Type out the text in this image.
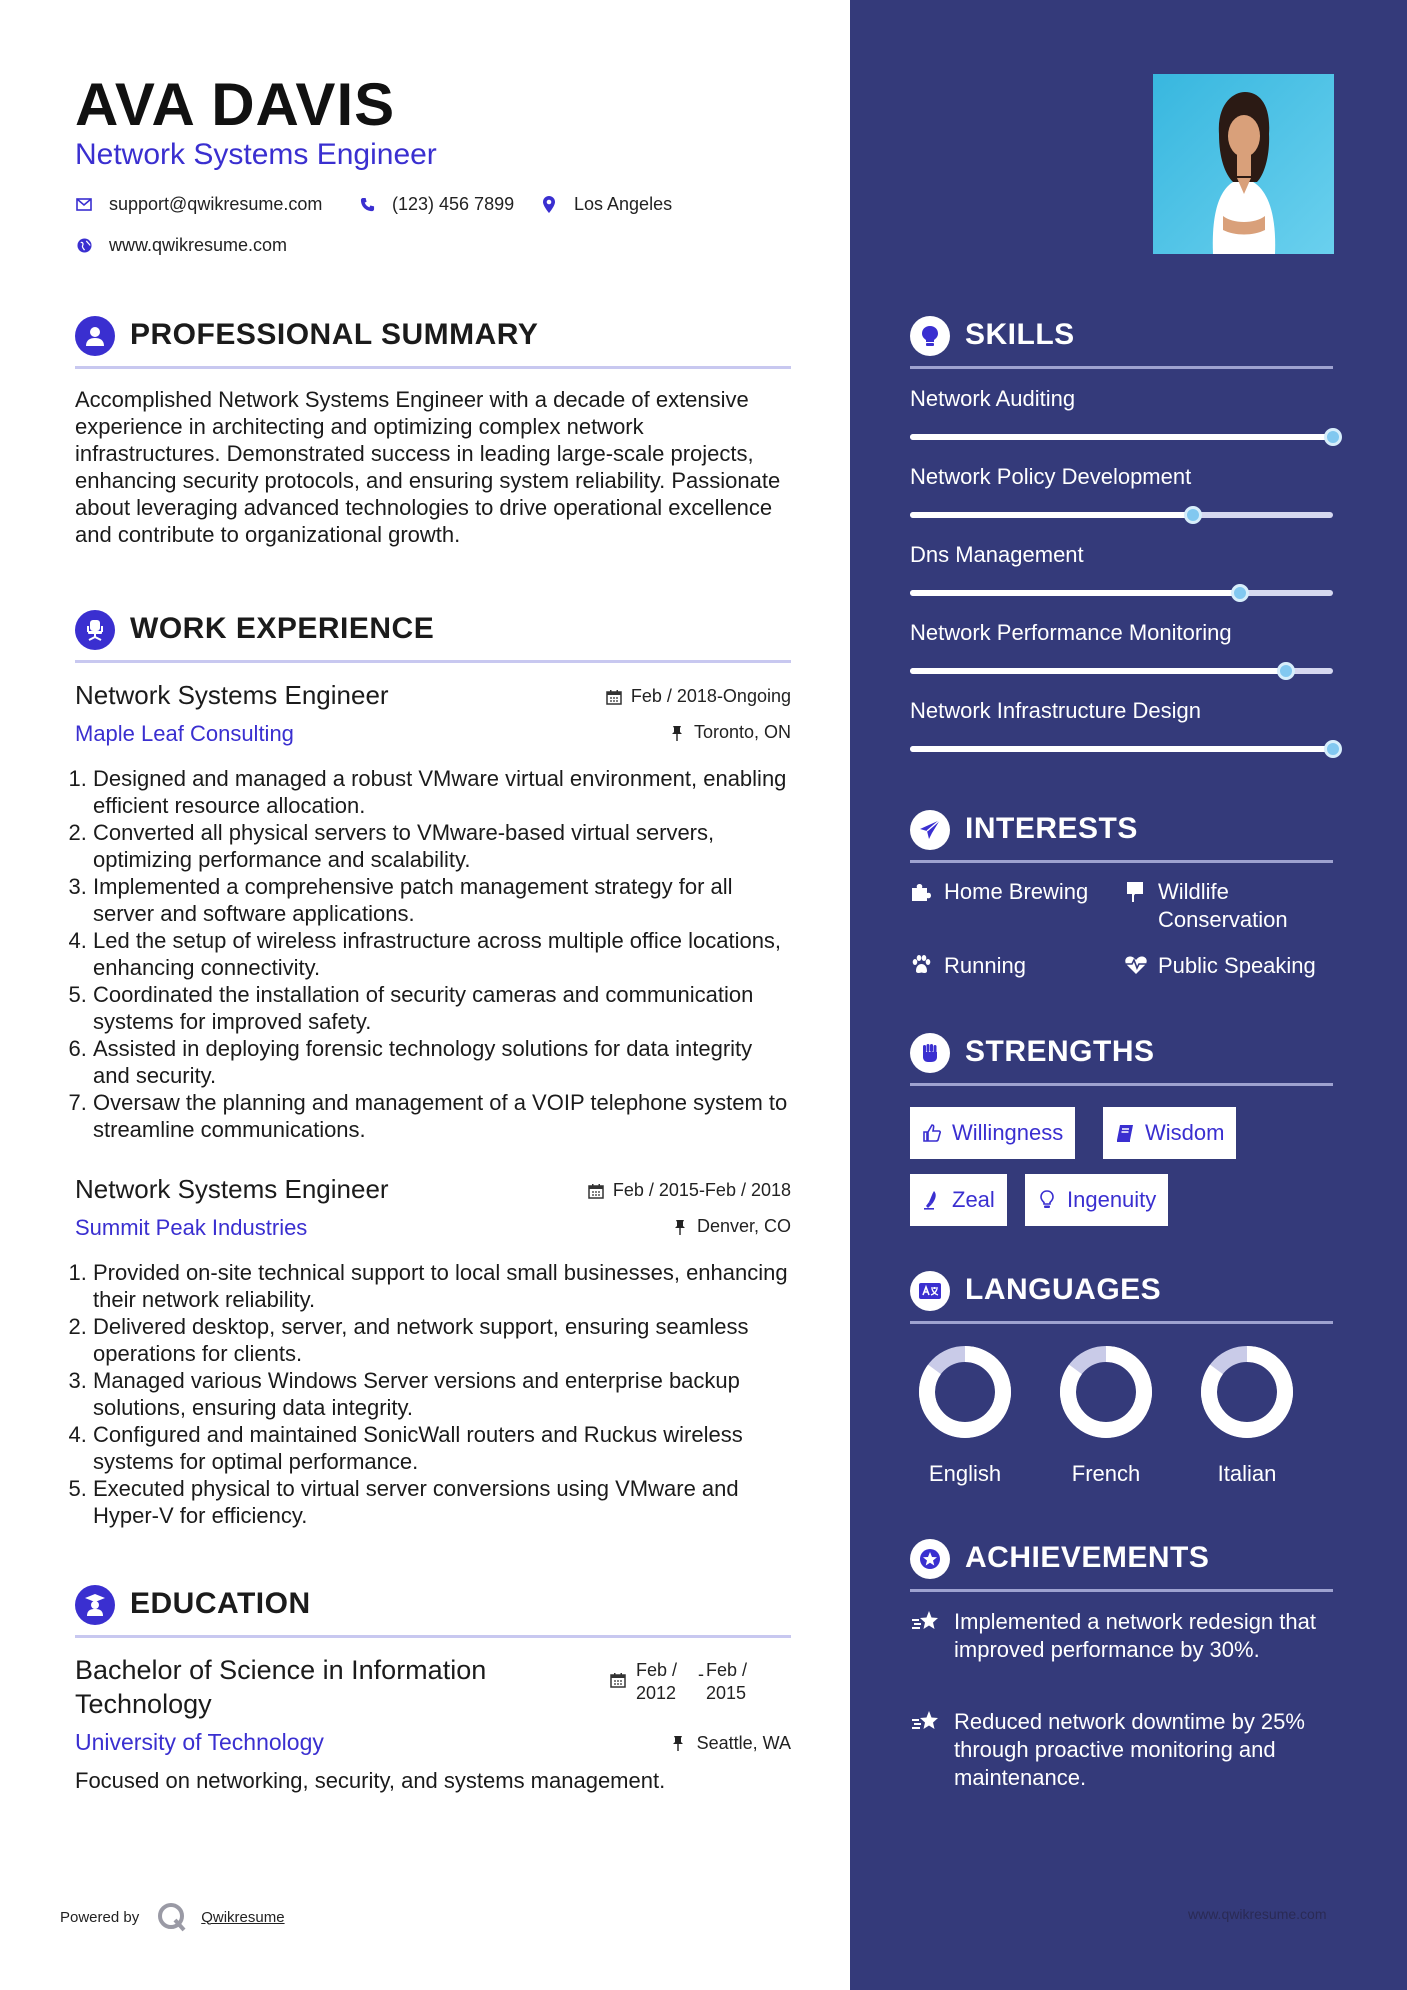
AVA DAVIS
Network Systems Engineer
support@qwikresume.com	(123) 456 7899	Los Angeles
www.qwikresume.com
PROFESSIONAL SUMMARY
Accomplished Network Systems Engineer with a decade of extensive experience in architecting and optimizing complex network infrastructures. Demonstrated success in leading large-scale projects, enhancing security protocols, and ensuring system reliability. Passionate about leveraging advanced technologies to drive operational excellence and contribute to organizational growth.
WORK EXPERIENCE
Network Systems Engineer
Maple Leaf Consulting
Feb / 2018-Ongoing
Toronto, ON
1. Designed and managed a robust VMware virtual environment, enabling efficient resource allocation.
2. Converted all physical servers to VMware-based virtual servers, optimizing performance and scalability.
3. Implemented a comprehensive patch management strategy for all server and software applications.
4. Led the setup of wireless infrastructure across multiple office locations, enhancing connectivity.
5. Coordinated the installation of security cameras and communication systems for improved safety.
6. Assisted in deploying forensic technology solutions for data integrity and security.
7. Oversaw the planning and management of a VOIP telephone system to streamline communications.
Network Systems Engineer
Summit Peak Industries
Feb / 2015-Feb / 2018
Denver, CO
1. Provided on-site technical support to local small businesses, enhancing their network reliability.
2. Delivered desktop, server, and network support, ensuring seamless operations for clients.
3. Managed various Windows Server versions and enterprise backup solutions, ensuring data integrity.
4. Configured and maintained SonicWall routers and Ruckus wireless systems for optimal performance.
5. Executed physical to virtual server conversions using VMware and Hyper-V for efficiency.
EDUCATION
Bachelor of Science in Information Technology
University of Technology
Focused on networking, security, and systems management.
Feb /
2012
- Feb /
2015
Seattle, WA
Powered by	Qwikresume	www.qwikresume.com
SKILLS
Network Auditing
Network Policy Development
Dns Management
Network Performance Monitoring
Network Infrastructure Design
INTERESTS
Home Brewing	Wildlife Conservation
Running	Public Speaking
STRENGTHS
Willingness	Wisdom
Zeal	Ingenuity
LANGUAGES
English	French	Italian
ACHIEVEMENTS
Implemented a network redesign that improved performance by 30%.
Reduced network downtime by 25% through proactive monitoring and maintenance.
